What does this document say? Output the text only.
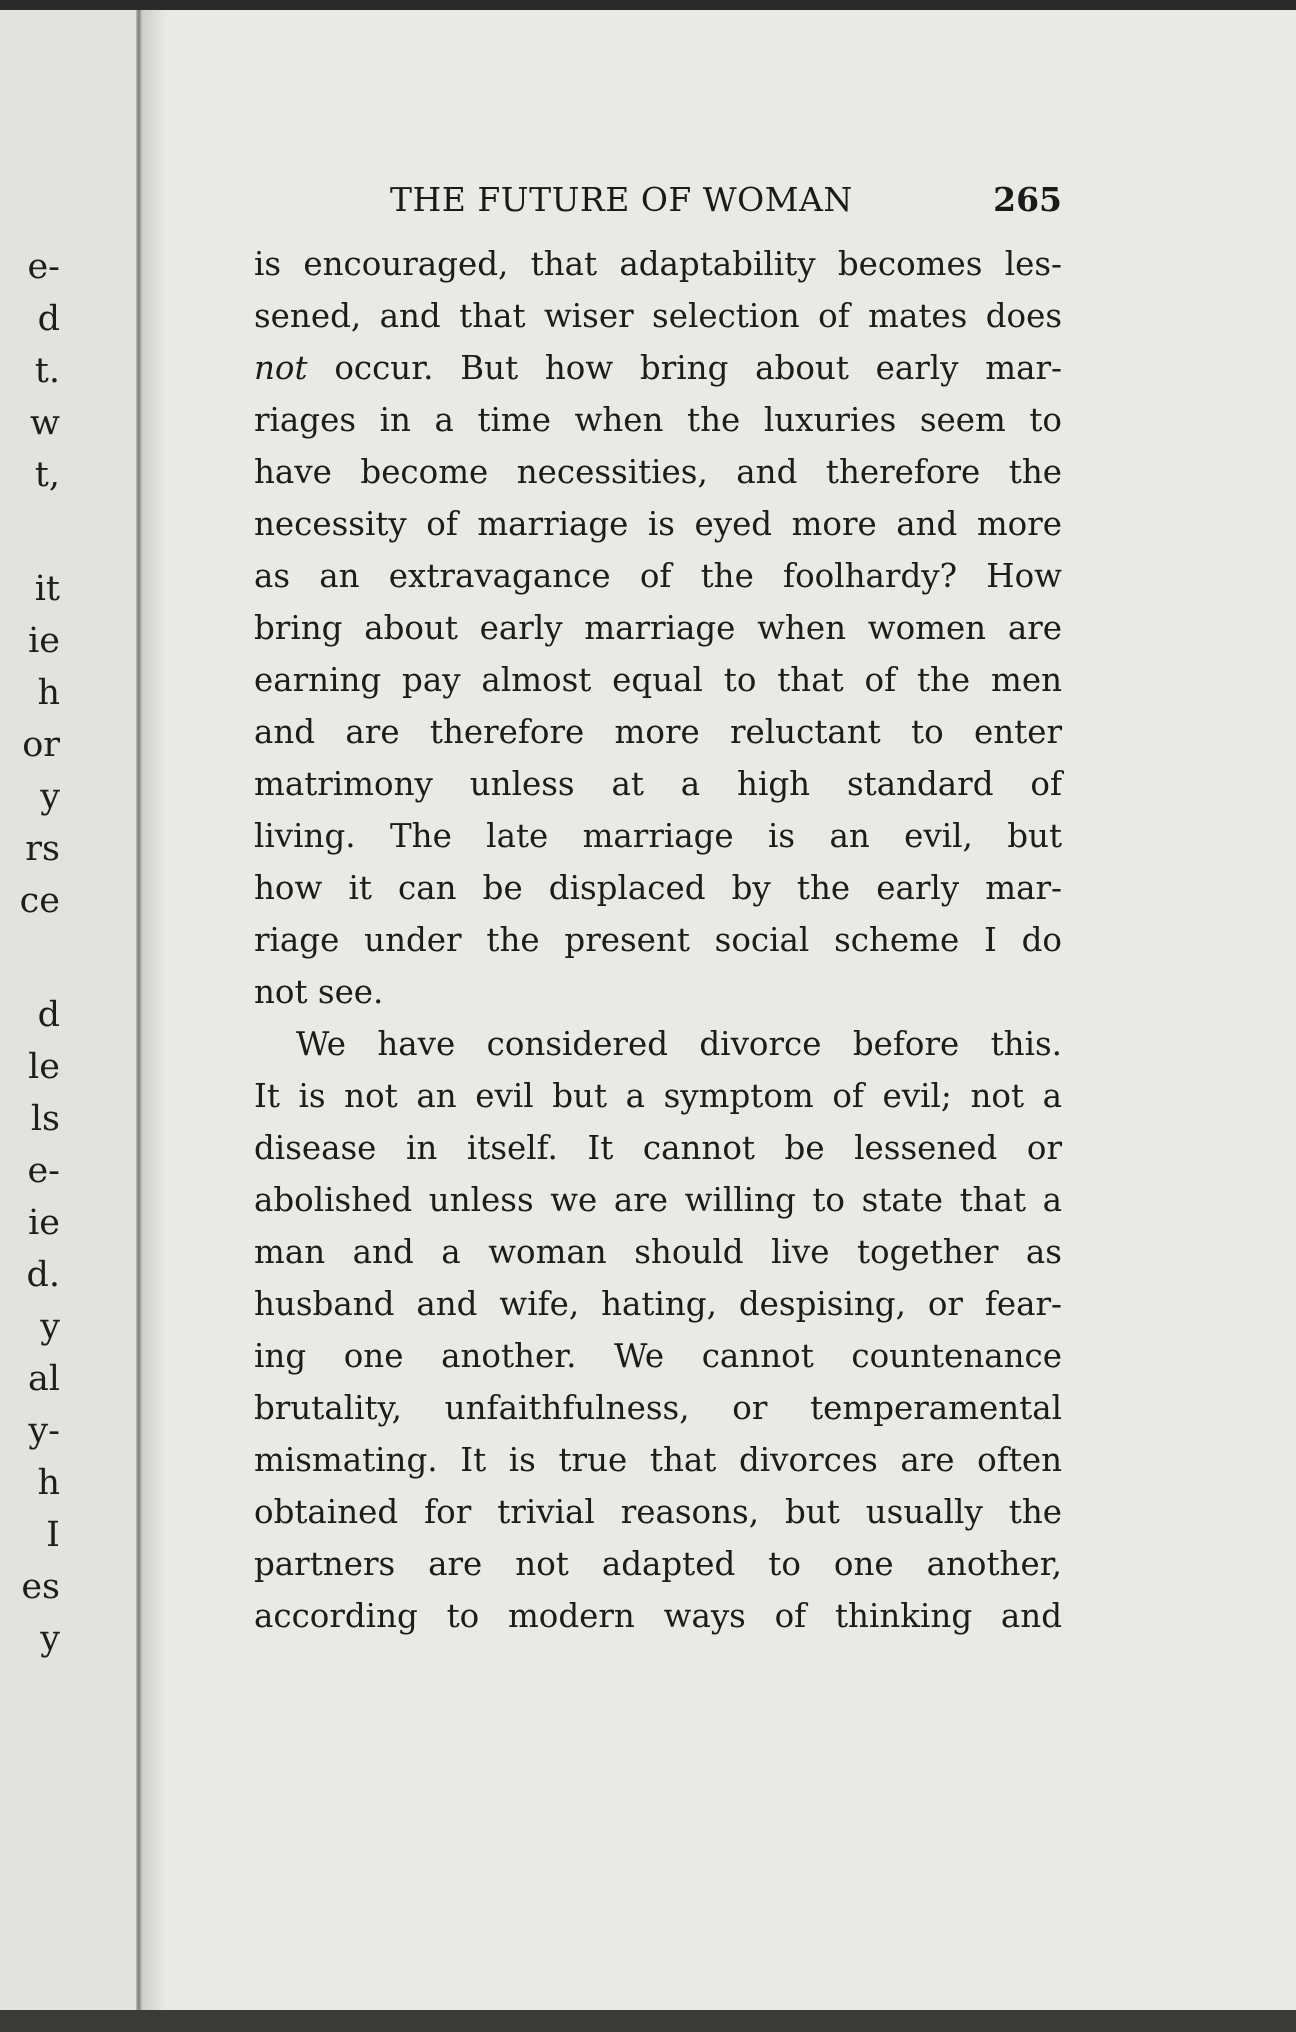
e-
d
t.
w
t,
it
ie
h
or
y
rs
ce
d
le
ls
e-
ie
d.
y
al
y-
h
I
es
y
THE FUTURE OF WOMAN	265
is encouraged, that adaptability becomes les-
sened, and that wiser selection of mates does
not occur. But how bring about early mar-
riages in a time when the luxuries seem to
have become necessities, and therefore the
necessity of marriage is eyed more and more
as an extravagance of the foolhardy? How
bring about early marriage when women are
earning pay almost equal to that of the men
and are therefore more reluctant to enter
matrimony unless at a high standard of
living. The late marriage is an evil, but
how it can be displaced by the early mar-
riage under the present social scheme I do
not see.
We have considered divorce before this.
It is not an evil but a symptom of evil; not a
disease in itself. It cannot be lessened or
abolished unless we are willing to state that a
man and a woman should live together as
husband and wife, hating, despising, or fear-
ing one another. We cannot countenance
brutality, unfaithfulness, or temperamental
mismating. It is true that divorces are often
obtained for trivial reasons, but usually the
partners are not adapted to one another,
according to modern ways of thinking and
